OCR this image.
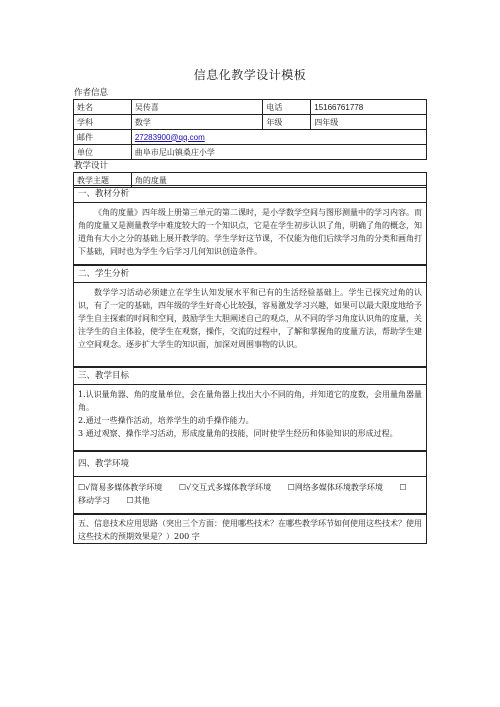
信息化教学设计模板
作者信息
姓名	吴传喜	电话	15166761778
学科	数学	年级	四年级
邮件	27283900@qq.com		
单位	曲阜市尼山镇桑庄小学		
教学设计
教学主题	角的度量
一、教材分析

《角的度量》四年级上册第三单元的第二课时，是小学数学空间与图形测量中的学习内容。而角的度量又是测量教学中难度较大的一个知识点，它是在学生初步认识了角，明确了角的概念，知道角有大小之分的基础上展开教学的。学生学好这节课，不仅能为他们后续学习角的分类和画角打下基础，同时也为学生今后学习几何知识创造条件。

二、学生分析

数学学习活动必须建立在学生认知发展水平和已有的生活经验基础上。学生已探究过角的认识，有了一定的基础，四年级的学生好奇心比较强，容易激发学习兴趣，如果可以最大限度地给予学生自主探索的时间和空间，鼓励学生大胆阐述自己的观点，从不同的学习角度认识角的度量，关注学生的自主体验，使学生在观察，操作，交流的过程中，了解和掌握角的度量方法，帮助学生建立空间观念。逐步扩大学生的知识面，加深对周围事物的认识。

三、教学目标

1.认识量角器、角的度量单位，会在量角器上找出大小不同的角，并知道它的度数，会用量角器量角。

2.通过一些操作活动，培养学生的动手操作能力。

3 通过观察、操作学习活动，形成度量角的技能，同时使学生经历和体验知识的形成过程。

四、教学环境
☐√简易多媒体教学环境 ☐√交互式多媒体教学环境 ☐网络多媒体环境教学环境 ☐
移动学习 ☐其他
五、信息技术应用思路（突出三个方面：使用哪些技术？在哪些教学环节如何使用这些技术？使用这些技术的预期效果是？）200 字
